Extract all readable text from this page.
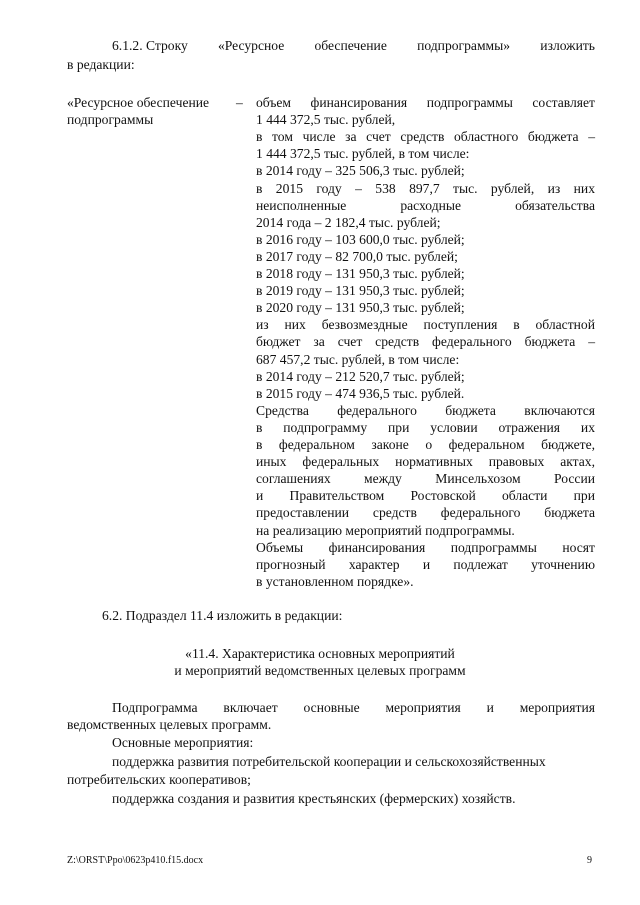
6.1.2. Строку «Ресурсное обеспечение подпрограммы» изложить
в редакции:
«Ресурсное обеспечение –
подпрограммы
объем финансирования подпрограммы составляет
1 444 372,5 тыс. рублей,
в том числе за счет средств областного бюджета –
1 444 372,5 тыс. рублей, в том числе:
в 2014 году – 325 506,3 тыс. рублей;
в 2015 году – 538 897,7 тыс. рублей, из них
неисполненные расходные обязательства
2014 года – 2 182,4 тыс. рублей;
в 2016 году – 103 600,0 тыс. рублей;
в 2017 году – 82 700,0 тыс. рублей;
в 2018 году – 131 950,3 тыс. рублей;
в 2019 году – 131 950,3 тыс. рублей;
в 2020 году – 131 950,3 тыс. рублей;
из них безвозмездные поступления в областной
бюджет за счет средств федерального бюджета –
687 457,2 тыс. рублей, в том числе:
в 2014 году – 212 520,7 тыс. рублей;
в 2015 году – 474 936,5 тыс. рублей.
Средства федерального бюджета включаются
в подпрограмму при условии отражения их
в федеральном законе о федеральном бюджете,
иных федеральных нормативных правовых актах,
соглашениях между Минсельхозом России
и Правительством Ростовской области при
предоставлении средств федерального бюджета
на реализацию мероприятий подпрограммы.
Объемы финансирования подпрограммы носят
прогнозный характер и подлежат уточнению
в установленном порядке».
6.2. Подраздел 11.4 изложить в редакции:
«11.4. Характеристика основных мероприятий
и мероприятий ведомственных целевых программ
Подпрограмма включает основные мероприятия и мероприятия
ведомственных целевых программ.
Основные мероприятия:
поддержка развития потребительской кооперации и сельскохозяйственных
потребительских кооперативов;
поддержка создания и развития крестьянских (фермерских) хозяйств.
Z:\ORST\Ppo\0623p410.f15.docx	9
